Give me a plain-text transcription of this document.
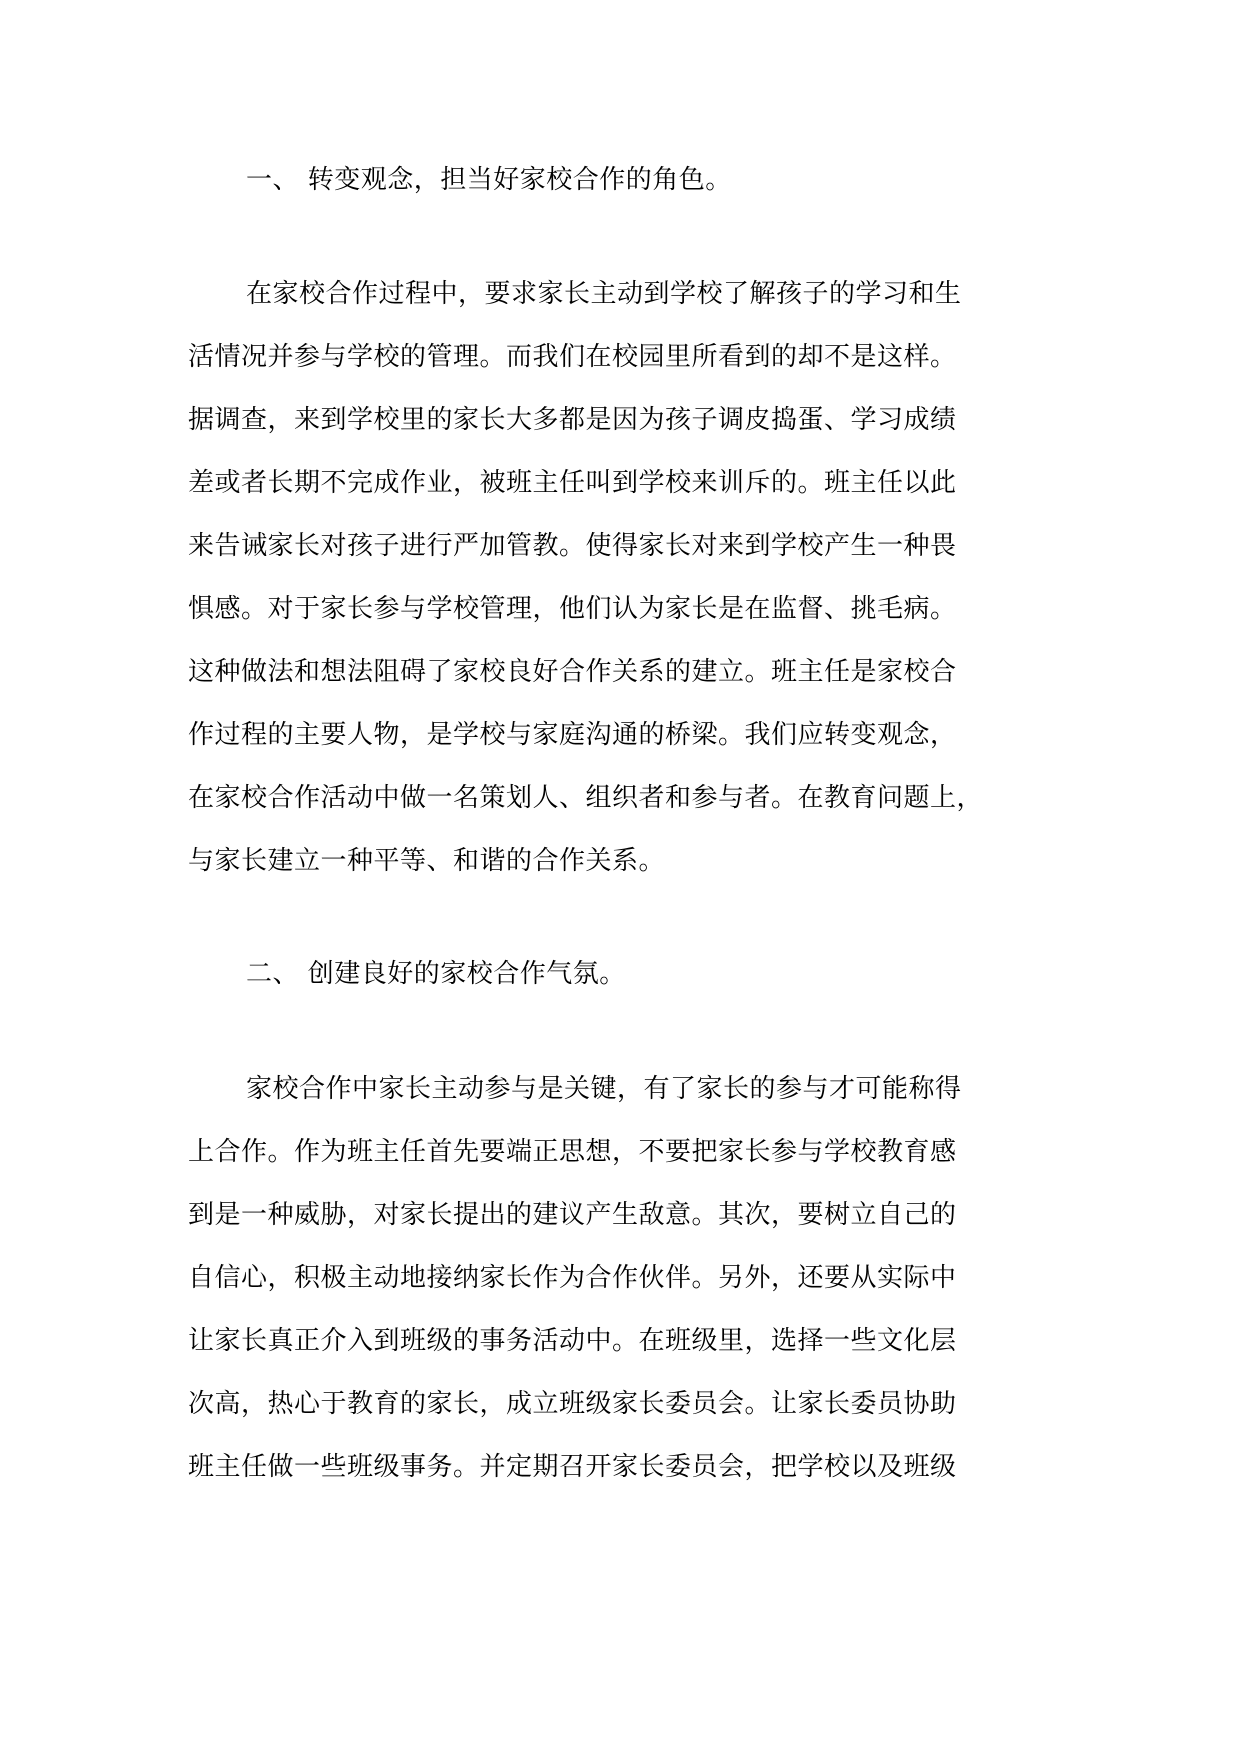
一、 转变观念，担当好家校合作的角色。
在家校合作过程中，要求家长主动到学校了解孩子的学习和生
活情况并参与学校的管理。而我们在校园里所看到的却不是这样。
据调查，来到学校里的家长大多都是因为孩子调皮捣蛋、学习成绩
差或者长期不完成作业，被班主任叫到学校来训斥的。班主任以此
来告诫家长对孩子进行严加管教。使得家长对来到学校产生一种畏
惧感。对于家长参与学校管理，他们认为家长是在监督、挑毛病。
这种做法和想法阻碍了家校良好合作关系的建立。班主任是家校合
作过程的主要人物，是学校与家庭沟通的桥梁。我们应转变观念，
在家校合作活动中做一名策划人、组织者和参与者。在教育问题上，
与家长建立一种平等、和谐的合作关系。
二、 创建良好的家校合作气氛。
家校合作中家长主动参与是关键，有了家长的参与才可能称得
上合作。作为班主任首先要端正思想，不要把家长参与学校教育感
到是一种威胁，对家长提出的建议产生敌意。其次，要树立自己的
自信心，积极主动地接纳家长作为合作伙伴。另外，还要从实际中
让家长真正介入到班级的事务活动中。在班级里，选择一些文化层
次高，热心于教育的家长，成立班级家长委员会。让家长委员协助
班主任做一些班级事务。并定期召开家长委员会，把学校以及班级
